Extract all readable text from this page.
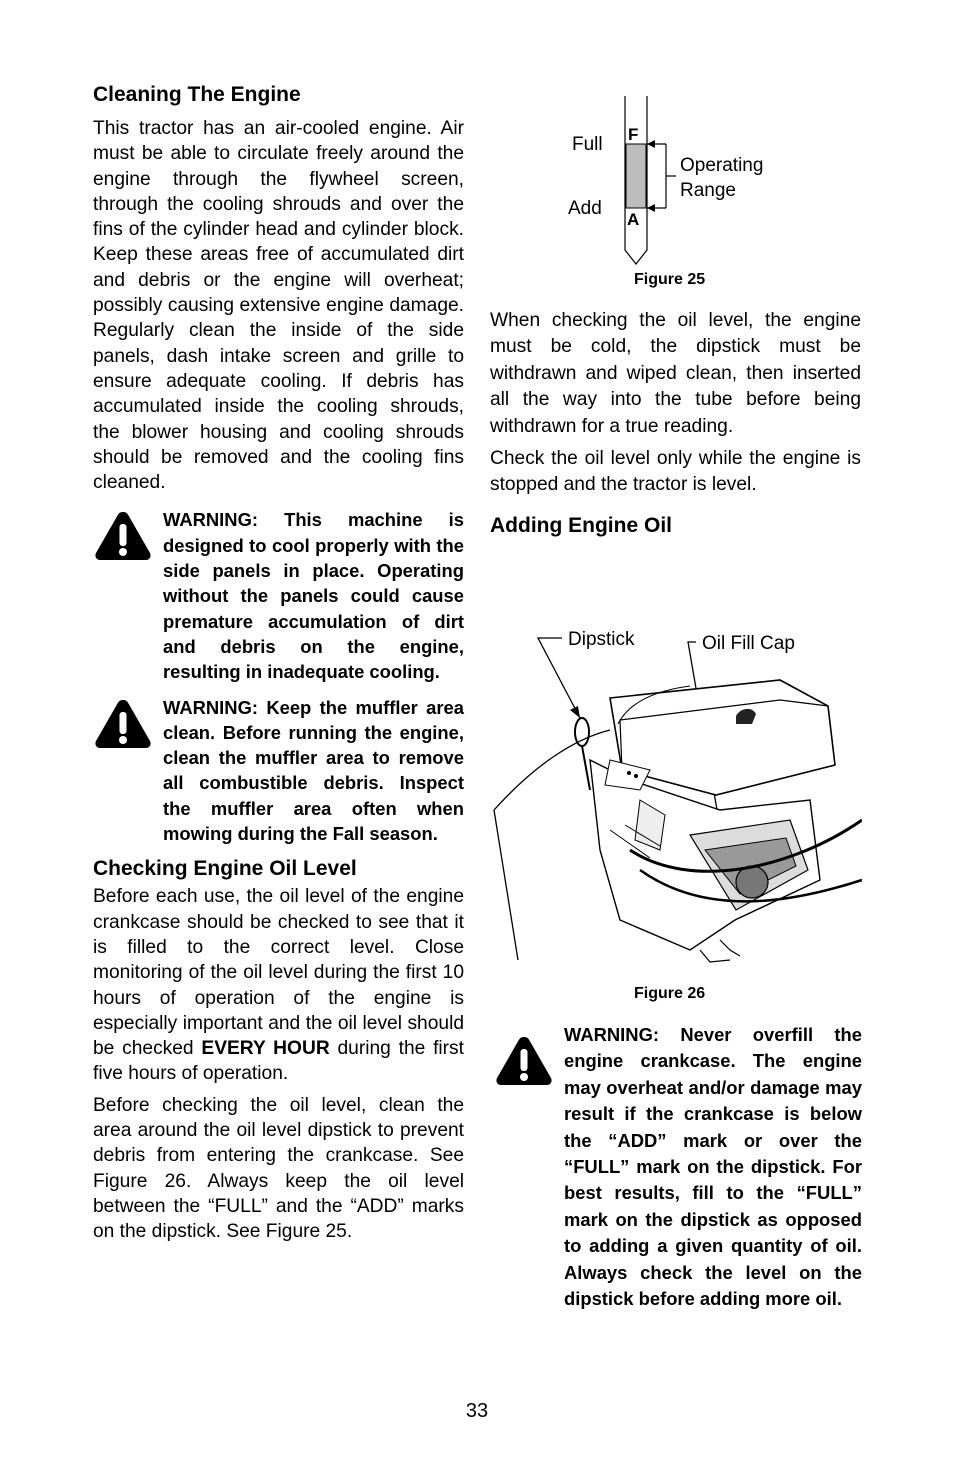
Cleaning The Engine

This tractor has an air-cooled engine. Air must be able to circulate freely around the engine through the flywheel screen, through the cooling shrouds and over the fins of the cylinder head and cylinder block. Keep these areas free of accumulated dirt and debris or the engine will overheat; possibly causing extensive engine damage. Regularly clean the inside of the side panels, dash intake screen and grille to ensure adequate cooling. If debris has accumulated inside the cooling shrouds, the blower housing and cooling shrouds should be removed and the cooling fins cleaned.

WARNING: This machine is designed to cool properly with the side panels in place. Operating without the panels could cause premature accumulation of dirt and debris on the engine, resulting in inadequate cooling.
WARNING: Keep the muffler area clean. Before running the engine, clean the muffler area to remove all combustible debris. Inspect the muffler area often when mowing during the Fall season.
Checking Engine Oil Level

Before each use, the oil level of the engine crankcase should be checked to see that it is filled to the correct level. Close monitoring of the oil level during the first 10 hours of operation of the engine is especially important and the oil level should be checked EVERY HOUR during the first five hours of operation.

Before checking the oil level, clean the area around the oil level dipstick to prevent debris from entering the crankcase. See Figure 26. Always keep the oil level between the “FULL” and the “ADD” marks on the dipstick. See Figure 25.

Full
Add
F
A
Operating
Range
Figure 25

When checking the oil level, the engine must be cold, the dipstick must be withdrawn and wiped clean, then inserted all the way into the tube before being withdrawn for a true reading.

Check the oil level only while the engine is stopped and the tractor is level.

Adding Engine Oil
Dipstick	Oil Fill Cap
Figure 26
WARNING: Never overfill the engine crankcase. The engine may overheat and/or damage may result if the crankcase is below the “ADD” mark or over the “FULL” mark on the dipstick. For best results, fill to the “FULL” mark on the dipstick as opposed to adding a given quantity of oil. Always check the level on the dipstick before adding more oil.
33
